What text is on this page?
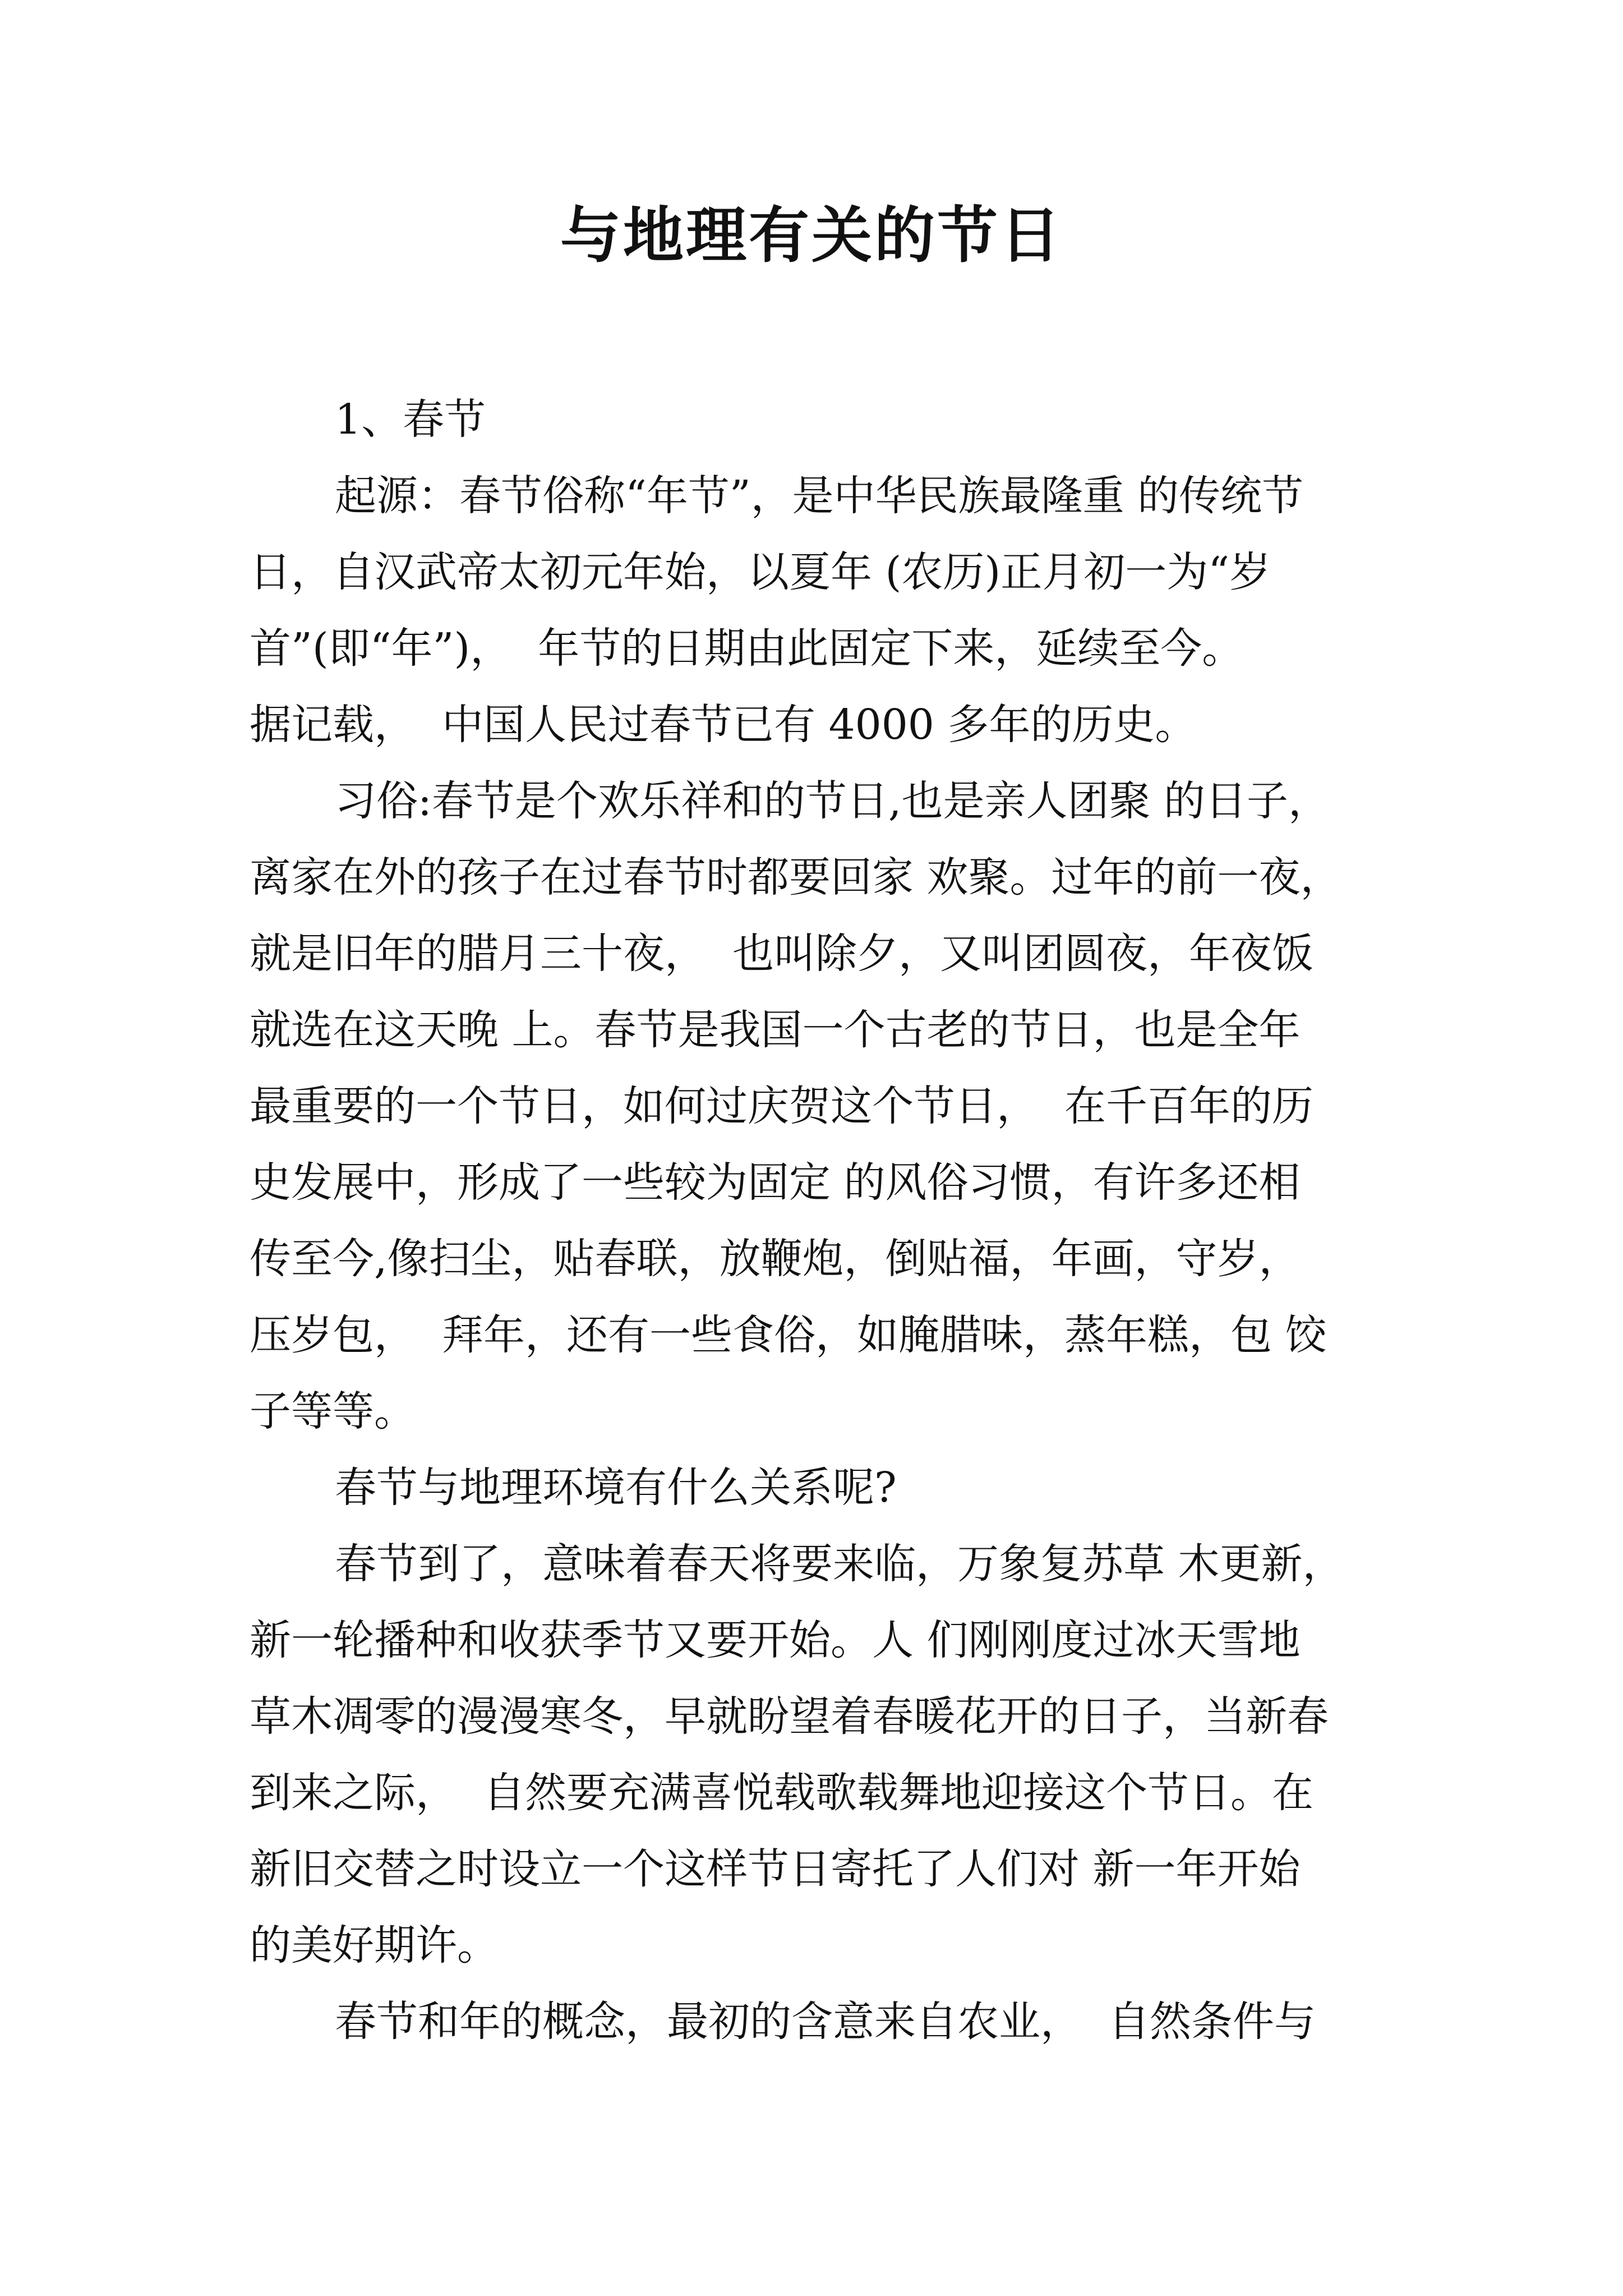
与地理有关的节日
1、春节
起源：春节俗称“年节”，是中华民族最隆重 的传统节
日，自汉武帝太初元年始，以夏年 (农历)正月初一为“岁
首”(即“年”)，  年节的日期由此固定下来，延续至今。
据记载，  中国人民过春节已有 4000 多年的历史。
习俗:春节是个欢乐祥和的节日,也是亲人团聚 的日子，
离家在外的孩子在过春节时都要回家 欢聚。过年的前一夜，
就是旧年的腊月三十夜，  也叫除夕，又叫团圆夜，年夜饭
就选在这天晚 上。春节是我国一个古老的节日，也是全年
最重要的一个节日，如何过庆贺这个节日，  在千百年的历
史发展中，形成了一些较为固定 的风俗习惯，有许多还相
传至今,像扫尘，贴春联，放鞭炮，倒贴福，年画，守岁，
压岁包，  拜年，还有一些食俗，如腌腊味，蒸年糕，包 饺
子等等。
春节与地理环境有什么关系呢?
春节到了，意味着春天将要来临，万象复苏草 木更新，
新一轮播种和收获季节又要开始。人 们刚刚度过冰天雪地
草木凋零的漫漫寒冬，早就盼望着春暖花开的日子，当新春
到来之际，  自然要充满喜悦载歌载舞地迎接这个节日。在
新旧交替之时设立一个这样节日寄托了人们对 新一年开始
的美好期许。
春节和年的概念，最初的含意来自农业，  自然条件与
